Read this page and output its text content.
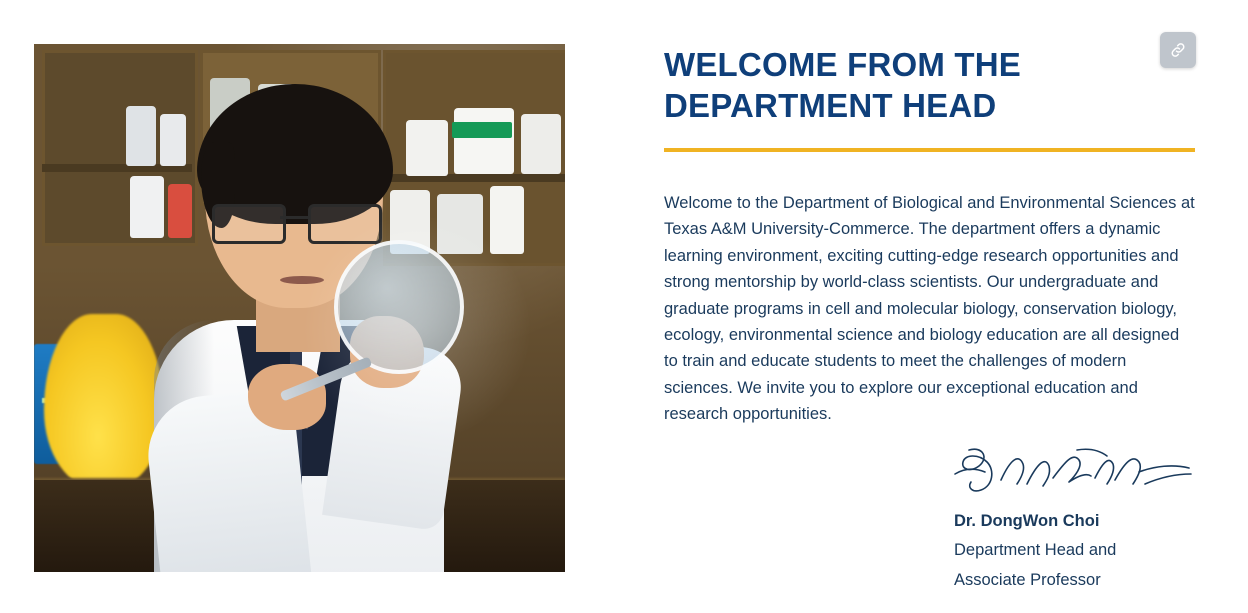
WELCOME FROM THE DEPARTMENT HEAD

Welcome to the Department of Biological and Environmental Sciences at Texas A&M University-Commerce. The department offers a dynamic learning environment, exciting cutting-edge research opportunities and strong mentorship by world-class scientists. Our undergraduate and graduate programs in cell and molecular biology, conservation biology, ecology, environmental science and biology education are all designed to train and educate students to meet the challenges of modern sciences. We invite you to explore our exceptional education and research opportunities.

Dr. DongWon Choi
Department Head and
Associate Professor
